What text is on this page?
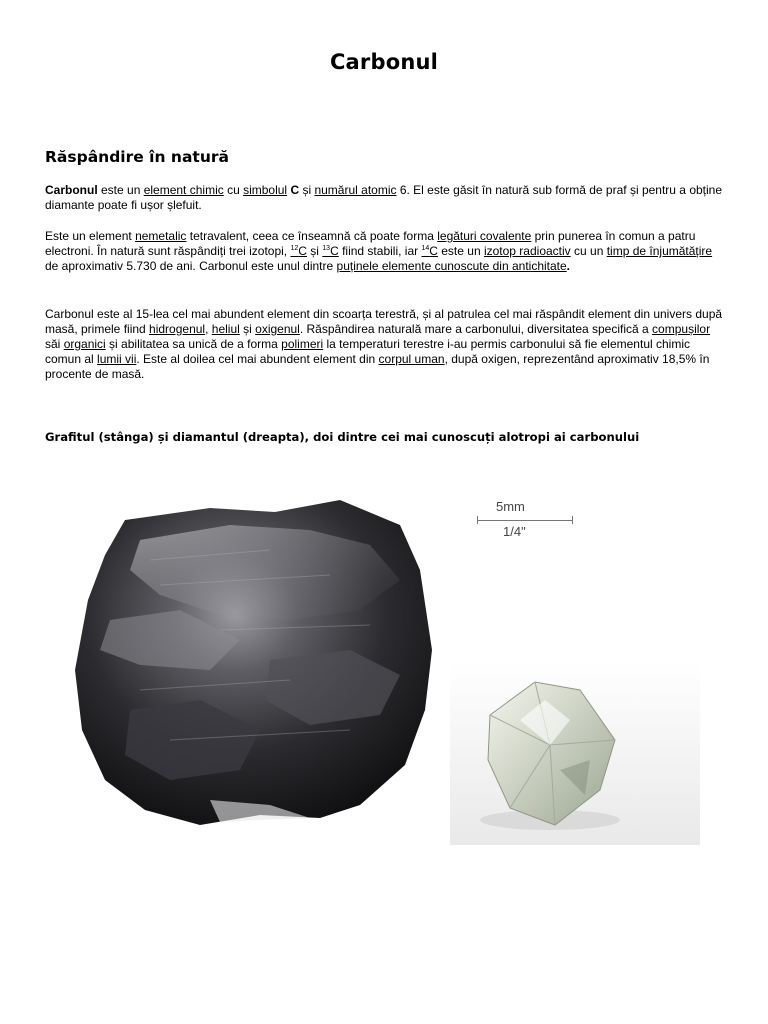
Carbonul
Răspândire în natură

Carbonul este un element chimic cu simbolul C și numărul atomic 6. El este găsit în natură sub formă de praf și pentru a obține diamante poate fi ușor șlefuit.

Este un element nemetalic tetravalent, ceea ce înseamnă că poate forma legături covalente prin punerea în comun a patru electroni. În natură sunt răspândiți trei izotopi, $^{12}$C și $^{13}$C fiind stabili, iar $^{14}$C este un izotop radioactiv cu un timp de înjumătățire de aproximativ 5.730 de ani. Carbonul este unul dintre puținele elemente cunoscute din antichitate.

Carbonul este al 15-lea cel mai abundent element din scoarța terestră, și al patrulea cel mai răspândit element din univers după masă, primele fiind hidrogenul, heliul și oxigenul. Răspândirea naturală mare a carbonului, diversitatea specifică a compușilor săi organici și abilitatea sa unică de a forma polimeri la temperaturi terestre i-au permis carbonului să fie elementul chimic comun al lumii vii. Este al doilea cel mai abundent element din corpul uman, după oxigen, reprezentând aproximativ 18,5% în procente de masă.

Grafitul (stânga) și diamantul (dreapta), doi dintre cei mai cunoscuți alotropi ai carbonului

5mm
1/4"
